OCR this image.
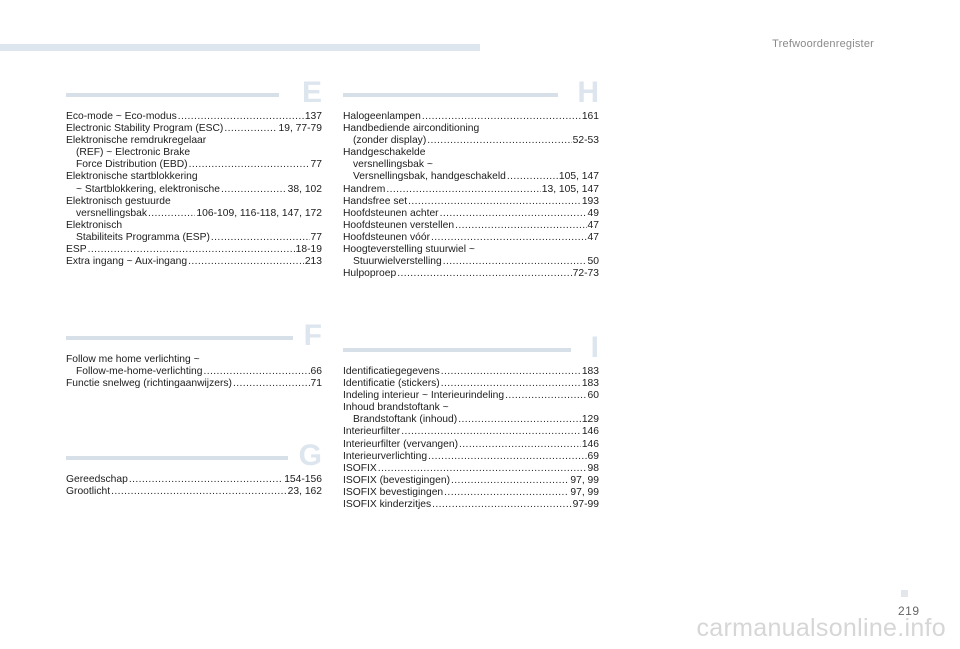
Trefwoordenregister
E
Eco-mode ~ Eco-modus .....	137
Electronic Stability Program (ESC) .....	19, 77-79
Elektronische remdrukregelaar
(REF) ~ Electronic Brake
Force Distribution (EBD) .....	77
Elektronische startblokkering
~ Startblokkering, elektronische .....	38, 102
Elektronisch gestuurde
versnellingsbak .....	106-109, 116-118, 147, 172
Elektronisch
Stabiliteits Programma (ESP) .....	77
ESP .....	18-19
Extra ingang ~ Aux-ingang .....	213
F
Follow me home verlichting ~
Follow-me-home-verlichting .....	66
Functie snelweg (richtingaanwijzers) .....	71
G
Gereedschap .....	154-156
Grootlicht .....	23, 162
H
Halogeenlampen .....	161
Handbediende airconditioning
(zonder display) .....	52-53
Handgeschakelde
versnellingsbak ~
Versnellingsbak, handgeschakeld .....	105, 147
Handrem .....	13, 105, 147
Handsfree set .....	193
Hoofdsteunen achter .....	49
Hoofdsteunen verstellen .....	47
Hoofdsteunen vóór .....	47
Hoogteverstelling stuurwiel ~
Stuurwielverstelling .....	50
Hulpoproep .....	72-73
I
Identificatiegegevens .....	183
Identificatie (stickers) .....	183
Indeling interieur ~ Interieurindeling .....	60
Inhoud brandstoftank ~
Brandstoftank (inhoud) .....	129
Interieurfilter .....	146
Interieurfilter (vervangen) .....	146
Interieurverlichting .....	69
ISOFIX .....	98
ISOFIX (bevestigingen) .....	97, 99
ISOFIX bevestigingen .....	97, 99
ISOFIX kinderzitjes .....	97-99
219
carmanualsonline.info
